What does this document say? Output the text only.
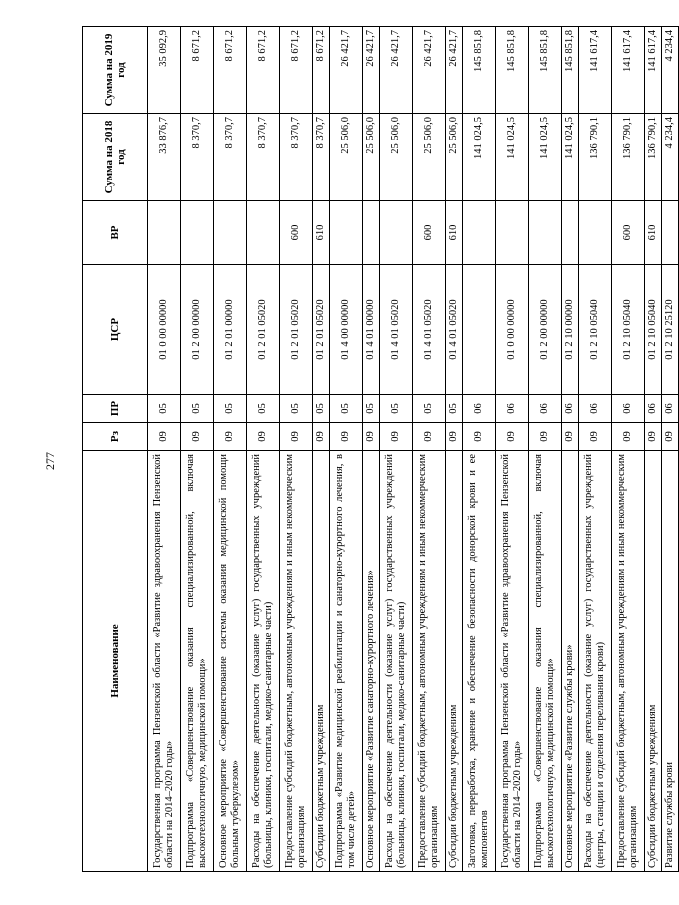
277
Наименование	Рз	ПР	ЦСР	ВР	Сумма на 2018 год	Сумма на 2019 год
Государственная программа Пензенской области «Развитие здравоохранения Пензенской области на 2014–2020 годы»	09	05	01 0 00 00000		33 876,7	35 092,9
Подпрограмма «Совершенствование оказания специализированной, включая высокотехнологичную, медицинской помощи»	09	05	01 2 00 00000		8 370,7	8 671,2
Основное мероприятие «Совершенствование системы оказания медицинской помощи больным туберкулезом»	09	05	01 2 01 00000		8 370,7	8 671,2
Расходы на обеспечение деятельности (оказание услуг) государственных учреждений (больницы, клиники, госпитали, медико-санитарные части)	09	05	01 2 01 05020		8 370,7	8 671,2
Предоставление субсидий бюджетным, автономным учреждениям и иным некоммерческим организациям	09	05	01 2 01 05020	600	8 370,7	8 671,2
Субсидии бюджетным учреждениям	09	05	01 2 01 05020	610	8 370,7	8 671,2
Подпрограмма «Развитие медицинской реабилитации и санаторно-курортного лечения, в том числе детей»	09	05	01 4 00 00000		25 506,0	26 421,7
Основное мероприятие «Развитие санаторно-курортного лечения»	09	05	01 4 01 00000		25 506,0	26 421,7
Расходы на обеспечение деятельности (оказание услуг) государственных учреждений (больницы, клиники, госпитали, медико-санитарные части)	09	05	01 4 01 05020		25 506,0	26 421,7
Предоставление субсидий бюджетным, автономным учреждениям и иным некоммерческим организациям	09	05	01 4 01 05020	600	25 506,0	26 421,7
Субсидии бюджетным учреждениям	09	05	01 4 01 05020	610	25 506,0	26 421,7
Заготовка, переработка, хранение и обеспечение безопасности донорской крови и ее компонентов	09	06			141 024,5	145 851,8
Государственная программа Пензенской области «Развитие здравоохранения Пензенской области на 2014–2020 годы»	09	06	01 0 00 00000		141 024,5	145 851,8
Подпрограмма «Совершенствование оказания специализированной, включая высокотехнологичную, медицинской помощи»	09	06	01 2 00 00000		141 024,5	145 851,8
Основное мероприятие «Развитие службы крови»	09	06	01 2 10 00000		141 024,5	145 851,8
Расходы на обеспечение деятельности (оказание услуг) государственных учреждений (центры, станции и отделения переливания крови)	09	06	01 2 10 05040		136 790,1	141 617,4
Предоставление субсидий бюджетным, автономным учреждениям и иным некоммерческим организациям	09	06	01 2 10 05040	600	136 790,1	141 617,4
Субсидии бюджетным учреждениям	09	06	01 2 10 05040	610	136 790,1	141 617,4
Развитие службы крови	09	06	01 2 10 25120		4 234,4	4 234,4
